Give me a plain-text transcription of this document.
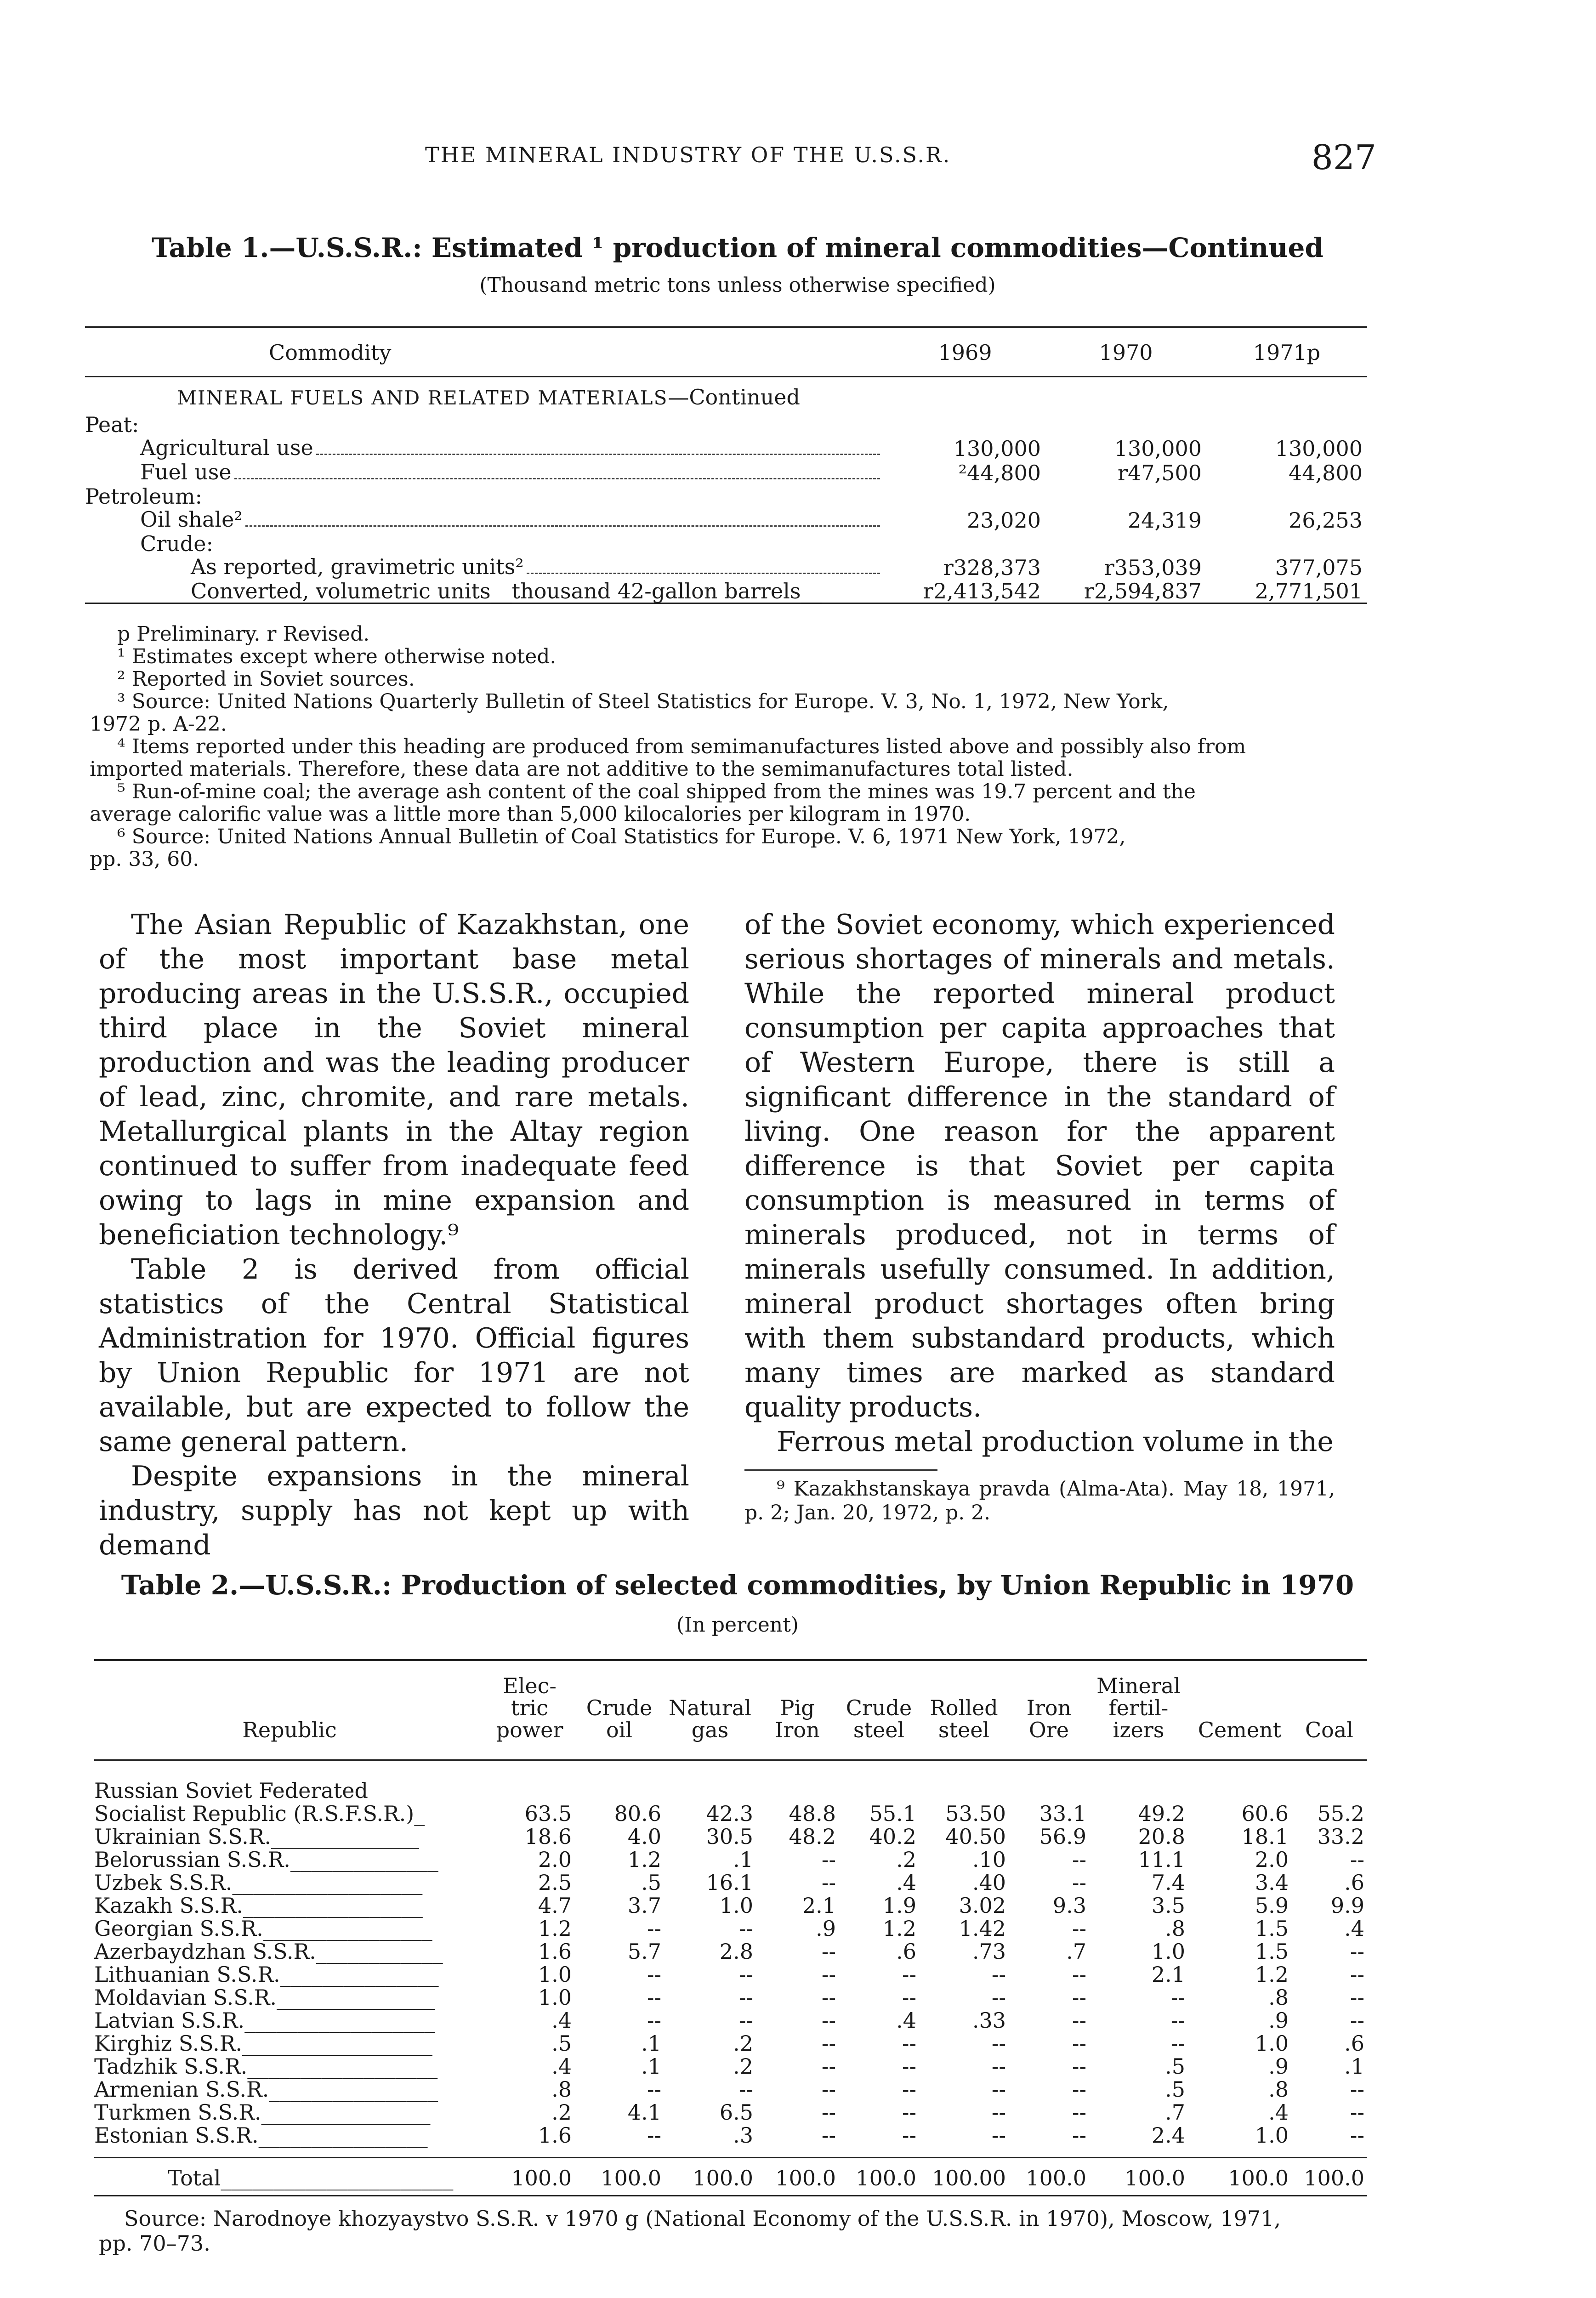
THE MINERAL INDUSTRY OF THE U.S.S.R.	827
Table 1.—U.S.S.R.: Estimated ¹ production of mineral commodities—Continued
(Thousand metric tons unless otherwise specified)
Commodity	1969	1970	1971p
MINERAL FUELS AND RELATED MATERIALS—Continued			
Peat:			

Agricultural use	130,000	130,000	130,000

Fuel use	²44,800	r47,500	44,800
Petroleum:			

Oil shale²	23,020	24,319	26,253
Crude:			

As reported, gravimetric units²	r328,373	r353,039	377,075
Converted, volumetric units__thousand 42-gallon barrels__	r2,413,542	r2,594,837	2,771,501

p Preliminary. r Revised.

¹ Estimates except where otherwise noted.

² Reported in Soviet sources.

³ Source: United Nations Quarterly Bulletin of Steel Statistics for Europe. V. 3, No. 1, 1972, New York,

1972 p. A-22.

⁴ Items reported under this heading are produced from semimanufactures listed above and possibly also from

imported materials. Therefore, these data are not additive to the semimanufactures total listed.

⁵ Run-of-mine coal; the average ash content of the coal shipped from the mines was 19.7 percent and the

average calorific value was a little more than 5,000 kilocalories per kilogram in 1970.

⁶ Source: United Nations Annual Bulletin of Coal Statistics for Europe. V. 6, 1971 New York, 1972,

pp. 33, 60.

The Asian Republic of Kazakhstan, one of the most important base metal producing areas in the U.S.S.R., occupied third place in the Soviet mineral production and was the leading producer of lead, zinc, chromite, and rare metals. Metallurgical plants in the Altay region continued to suffer from inadequate feed owing to lags in mine expansion and beneficiation technology.⁹

Table 2 is derived from official statistics of the Central Statistical Administration for 1970. Official figures by Union Republic for 1971 are not available, but are expected to follow the same general pattern.

Despite expansions in the mineral industry, supply has not kept up with demand

of the Soviet economy, which experienced serious shortages of minerals and metals. While the reported mineral product consumption per capita approaches that of Western Europe, there is still a significant difference in the standard of living. One reason for the apparent difference is that Soviet per capita consumption is measured in terms of minerals produced, not in terms of minerals usefully consumed. In addition, mineral product shortages often bring with them substandard products, which many times are marked as standard quality products.

Ferrous metal production volume in the

⁹ Kazakhstanskaya pravda (Alma-Ata). May 18, 1971, p. 2; Jan. 20, 1972, p. 2.

Table 2.—U.S.S.R.: Production of selected commodities, by Union Republic in 1970
(In percent)
Republic	Elec- tric power	Crude oil	Natural gas	Pig Iron	Crude steel	Rolled steel	Iron Ore	Mineral fertil- izers	Cement	Coal
Russian Soviet Federated										
Socialist Republic (R.S.F.S.R.)_	63.5	80.6	42.3	48.8	55.1	53.50	33.1	49.2	60.6	55.2
Ukrainian S.S.R.______________	18.6	4.0	30.5	48.2	40.2	40.50	56.9	20.8	18.1	33.2
Belorussian S.S.R.______________	2.0	1.2	.1	--	.2	.10	--	11.1	2.0	--
Uzbek S.S.R.__________________	2.5	.5	16.1	--	.4	.40	--	7.4	3.4	.6
Kazakh S.S.R._________________	4.7	3.7	1.0	2.1	1.9	3.02	9.3	3.5	5.9	9.9
Georgian S.S.R.________________	1.2	--	--	.9	1.2	1.42	--	.8	1.5	.4
Azerbaydzhan S.S.R.____________	1.6	5.7	2.8	--	.6	.73	.7	1.0	1.5	--
Lithuanian S.S.R._______________	1.0	--	--	--	--	--	--	2.1	1.2	--
Moldavian S.S.R._______________	1.0	--	--	--	--	--	--	--	.8	--
Latvian S.S.R.__________________	.4	--	--	--	.4	.33	--	--	.9	--
Kirghiz S.S.R.__________________	.5	.1	.2	--	--	--	--	--	1.0	.6
Tadzhik S.S.R.__________________	.4	.1	.2	--	--	--	--	.5	.9	.1
Armenian S.S.R.________________	.8	--	--	--	--	--	--	.5	.8	--
Turkmen S.S.R.________________	.2	4.1	6.5	--	--	--	--	.7	.4	--
Estonian S.S.R.________________	1.6	--	.3	--	--	--	--	2.4	1.0	--
Total______________________	100.0	100.0	100.0	100.0	100.0	100.00	100.0	100.0	100.0	100.0

Source: Narodnoye khozyaystvo S.S.R. v 1970 g (National Economy of the U.S.S.R. in 1970), Moscow, 1971,

pp. 70–73.
